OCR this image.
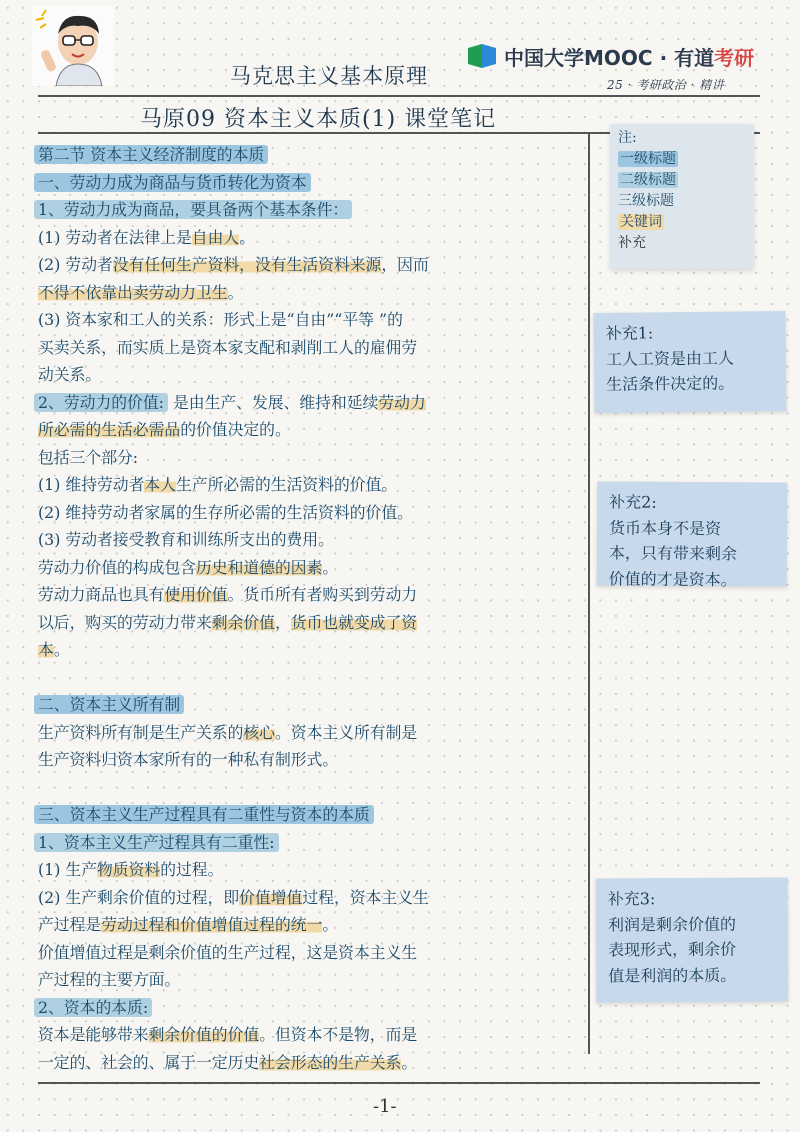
马克思主义基本原理
中国大学MOOC · 有道考研
25 · 考研政治 · 精讲
马原09 资本主义本质(1) 课堂笔记
第二节 资本主义经济制度的本质
一、劳动力成为商品与货币转化为资本
1、劳动力成为商品，要具备两个基本条件：
(1) 劳动者在法律上是自由人。
(2) 劳动者没有任何生产资料，没有生活资料来源，因而
不得不依靠出卖劳动力卫生。
(3) 资本家和工人的关系：形式上是“自由”“平等 ”的
买卖关系，而实质上是资本家支配和剥削工人的雇佣劳
动关系。
2、劳动力的价值: 是由生产、发展、维持和延续劳动力
所必需的生活必需品的价值决定的。
包括三个部分:
(1) 维持劳动者本人生产所必需的生活资料的价值。
(2) 维持劳动者家属的生存所必需的生活资料的价值。
(3) 劳动者接受教育和训练所支出的费用。
劳动力价值的构成包含历史和道德的因素。
劳动力商品也具有使用价值。货币所有者购买到劳动力
以后，购买的劳动力带来剩余价值，货币也就变成了资
本。
二、资本主义所有制
生产资料所有制是生产关系的核心。资本主义所有制是
生产资料归资本家所有的一种私有制形式。
三、资本主义生产过程具有二重性与资本的本质
1、资本主义生产过程具有二重性:
(1) 生产物质资料的过程。
(2) 生产剩余价值的过程，即价值增值过程，资本主义生
产过程是劳动过程和价值增值过程的统一。
价值增值过程是剩余价值的生产过程，这是资本主义生
产过程的主要方面。
2、资本的本质:
资本是能够带来剩余价值的价值。但资本不是物，而是
一定的、社会的、属于一定历史社会形态的生产关系。
注:
一级标题
二级标题
三级标题
关键词
补充
补充1:
工人工资是由工人
生活条件决定的。
补充2:
货币本身不是资
本，只有带来剩余
价值的才是资本。
补充3:
利润是剩余价值的
表现形式，剩余价
值是利润的本质。
-1-
